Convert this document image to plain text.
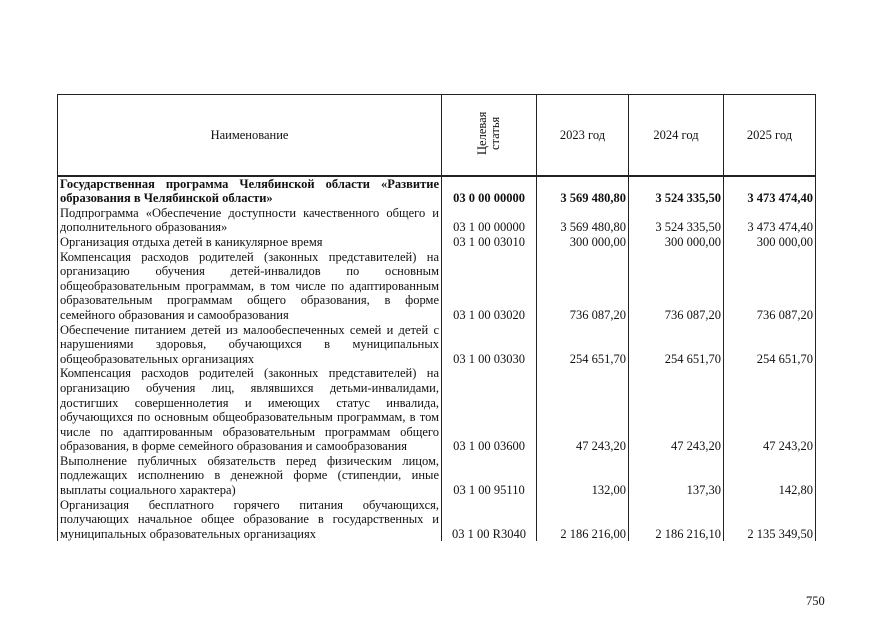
Наименование	Целевая статья	2023 год	2024 год	2025 год
Государственная программа Челябинской области «Развитие образования в Челябинской области»	03 0 00 00000	3 569 480,80	3 524 335,50	3 473 474,40
Подпрограмма «Обеспечение доступности качественного общего и дополнительного образования»	03 1 00 00000	3 569 480,80	3 524 335,50	3 473 474,40
Организация отдыха детей в каникулярное время	03 1 00 03010	300 000,00	300 000,00	300 000,00
Компенсация расходов родителей (законных представителей) на организацию обучения детей-инвалидов по основным общеобразовательным программам, в том числе по адаптированным образовательным программам общего образования, в форме семейного образования и самообразования	03 1 00 03020	736 087,20	736 087,20	736 087,20
Обеспечение питанием детей из малообеспеченных семей и детей с нарушениями здоровья, обучающихся в муниципальных общеобразовательных организациях	03 1 00 03030	254 651,70	254 651,70	254 651,70
Компенсация расходов родителей (законных представителей) на организацию обучения лиц, являвшихся детьми-инвалидами, достигших совершеннолетия и имеющих статус инвалида, обучающихся по основным общеобразовательным программам, в том числе по адаптированным образовательным программам общего образования, в форме семейного образования и самообразования	03 1 00 03600	47 243,20	47 243,20	47 243,20
Выполнение публичных обязательств перед физическим лицом, подлежащих исполнению в денежной форме (стипендии, иные выплаты социального характера)	03 1 00 95110	132,00	137,30	142,80
Организация бесплатного горячего питания обучающихся, получающих начальное общее образование в государственных и муниципальных образовательных организациях	03 1 00 R3040	2 186 216,00	2 186 216,10	2 135 349,50
750
